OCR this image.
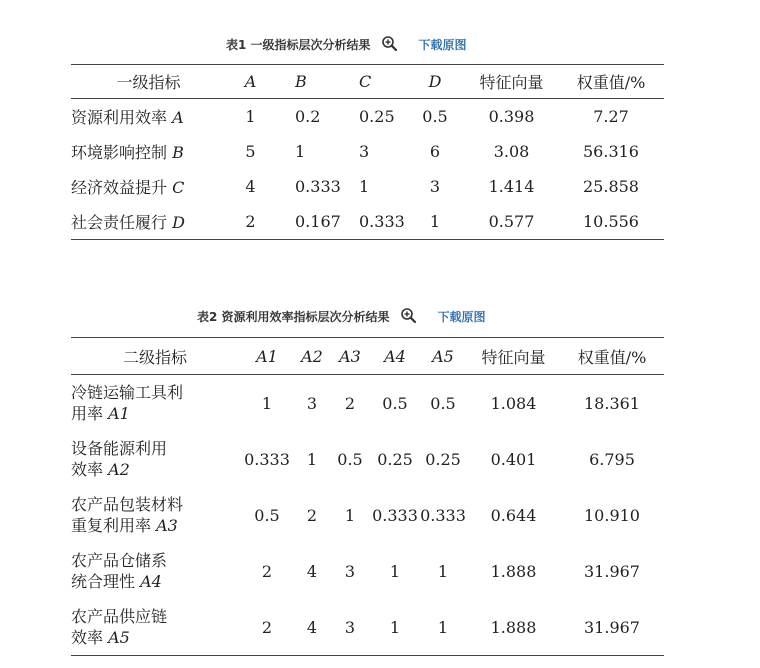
表1 一级指标层次分析结果	下载原图
一级指标	A	B	C	D	特征向量	权重值/%
资源利用效率 A	1	0.2	0.25	0.5	0.398	7.27
环境影响控制 B	5	1	3	6	3.08	56.316
经济效益提升 C	4	0.333	1	3	1.414	25.858
社会责任履行 D	2	0.167	0.333	1	0.577	10.556
表2 资源利用效率指标层次分析结果	下载原图
二级指标	A1	A2	A3	A4	A5	特征向量	权重值/%
冷链运输工具利
用率 A1	1	3	2	0.5	0.5	1.084	18.361
设备能源利用
效率 A2	0.333	1	0.5	0.25	0.25	0.401	6.795
农产品包装材料
重复利用率 A3	0.5	2	1	0.333	0.333	0.644	10.910
农产品仓储系
统合理性 A4	2	4	3	1	1	1.888	31.967
农产品供应链
效率 A5	2	4	3	1	1	1.888	31.967
